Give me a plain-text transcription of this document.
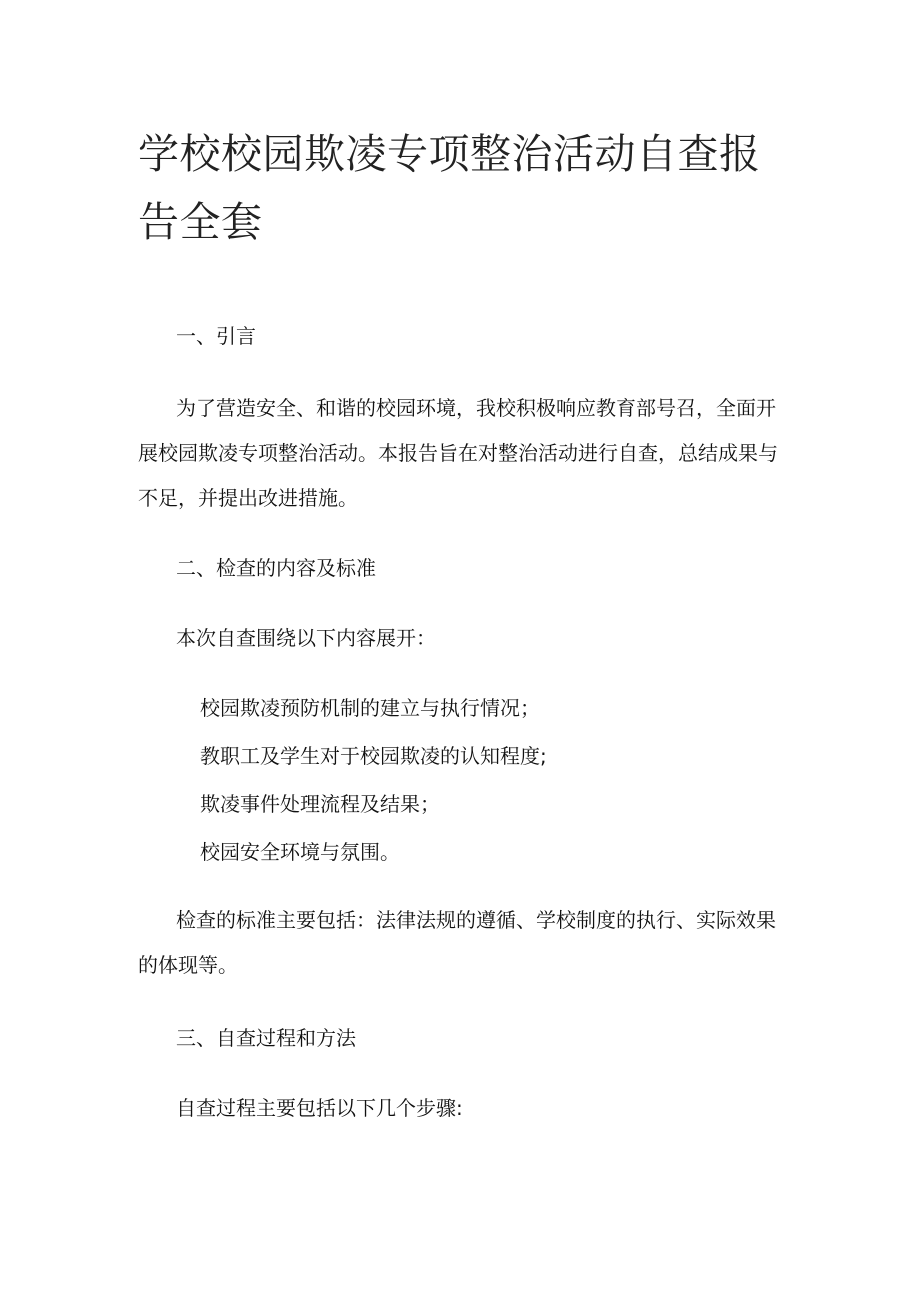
学校校园欺凌专项整治活动自查报告全套

一、引言

为了营造安全、和谐的校园环境，我校积极响应教育部号召，全面开展校园欺凌专项整治活动。本报告旨在对整治活动进行自查，总结成果与不足，并提出改进措施。

二、检查的内容及标准

本次自查围绕以下内容展开：

校园欺凌预防机制的建立与执行情况；
教职工及学生对于校园欺凌的认知程度;
欺凌事件处理流程及结果；
校园安全环境与氛围。

检查的标准主要包括：法律法规的遵循、学校制度的执行、实际效果的体现等。

三、自查过程和方法

自查过程主要包括以下几个步骤:
